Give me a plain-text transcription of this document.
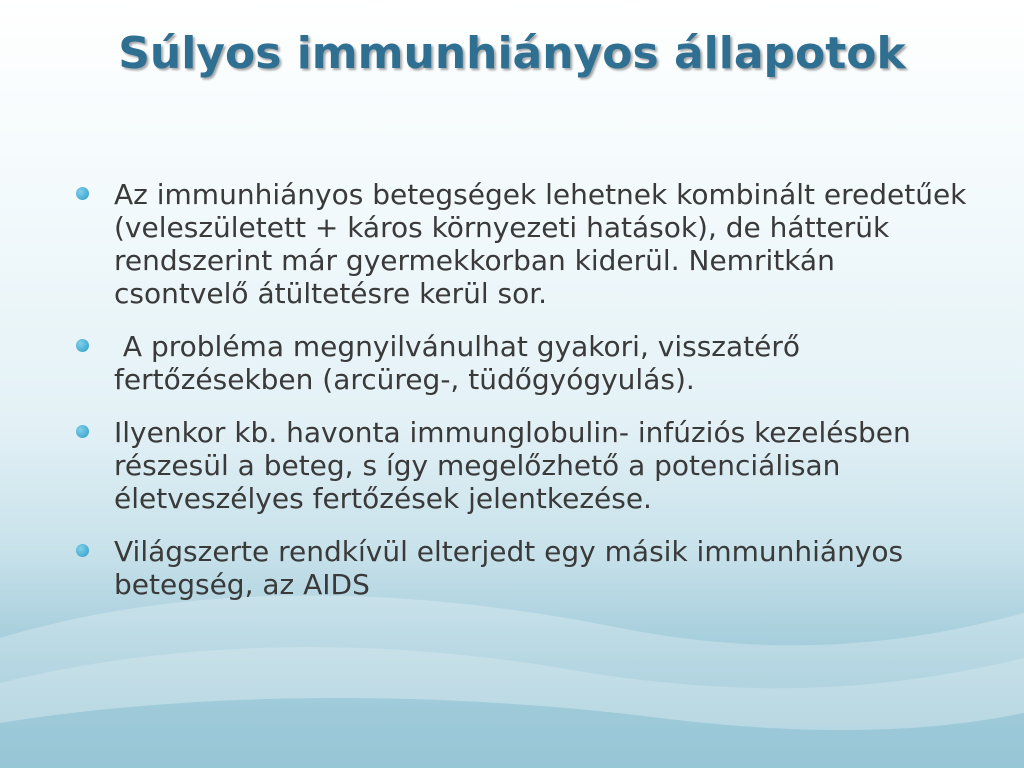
Súlyos immunhiányos állapotok
Az immunhiányos betegségek lehetnek kombinált eredetűek (veleszületett + káros környezeti hatások), de hátterük rendszerint már gyermekkorban kiderül. Nemritkán csontvelő átültetésre kerül sor.
A probléma megnyilvánulhat gyakori, visszatérő fertőzésekben (arcüreg-, tüdőgyógyulás).
Ilyenkor kb. havonta immunglobulin- infúziós kezelésben részesül a beteg, s így megelőzhető a potenciálisan életveszélyes fertőzések jelentkezése.
Világszerte rendkívül elterjedt egy másik immunhiányos betegség, az AIDS
